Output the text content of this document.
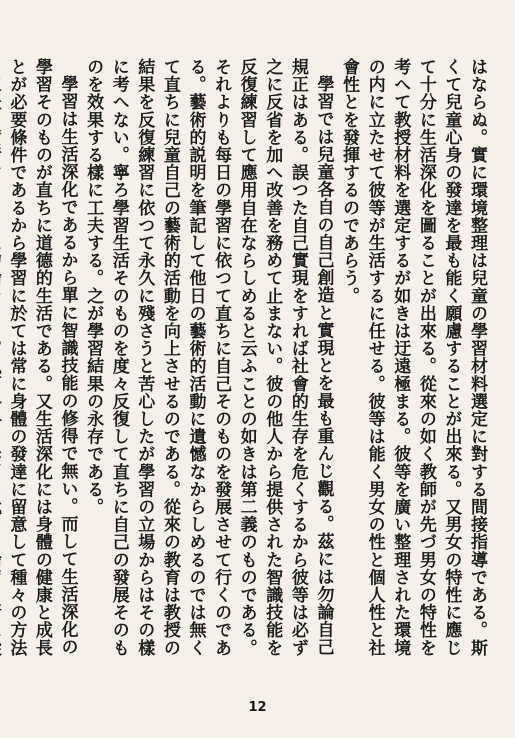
はならぬ。實に環境整理は兒童の學習材料選定に對する間接指導である。斯くて兒童心身の發達を最も能く願慮することが出來る。又男女の特性に應じて十分に生活深化を圖ることが出來る。從來の如く教師が先づ男女の特性を考へて教授材料を選定するが如きは迂遠極まる。彼等を廣い整理された環境の内に立たせて彼等が生活するに任せる。彼等は能く男女の性と個人性と社會性とを發揮するのであらう。

學習では兒童各自の自己創造と實現とを最も重んじ觀る。茲には勿論自己規正はある。誤つた自己實現をすれば社會的生存を危くするから彼等は必ず之に反省を加へ改善を務めて止まない。彼の他人から提供された智識技能を反復練習して應用自在ならしめると云ふことの如きは第二義のものである。それよりも每日の學習に依つて直ちに自己そのものを發展させて行くのである。藝術的説明を筆記して他日の藝術的活動に遺憾なからしめるのでは無くて直ちに兒童自己の藝術的活動を向上させるのである。從來の教育は教授の結果を反復練習に依つて永久に殘さうと苦心したが學習の立場からはその樣に考へない。寧ろ學習生活そのものを度々反復して直ちに自己の發展そのものを效果する樣に工夫する。之が學習結果の永存である。

學習は生活深化であるから單に智識技能の修得で無い。而して生活深化の學習そのものが直ちに道德的生活である。又生活深化には身體の健康と成長とが必要條件であるから學習に於ては常に身體の發達に留意して種々の方法

12
